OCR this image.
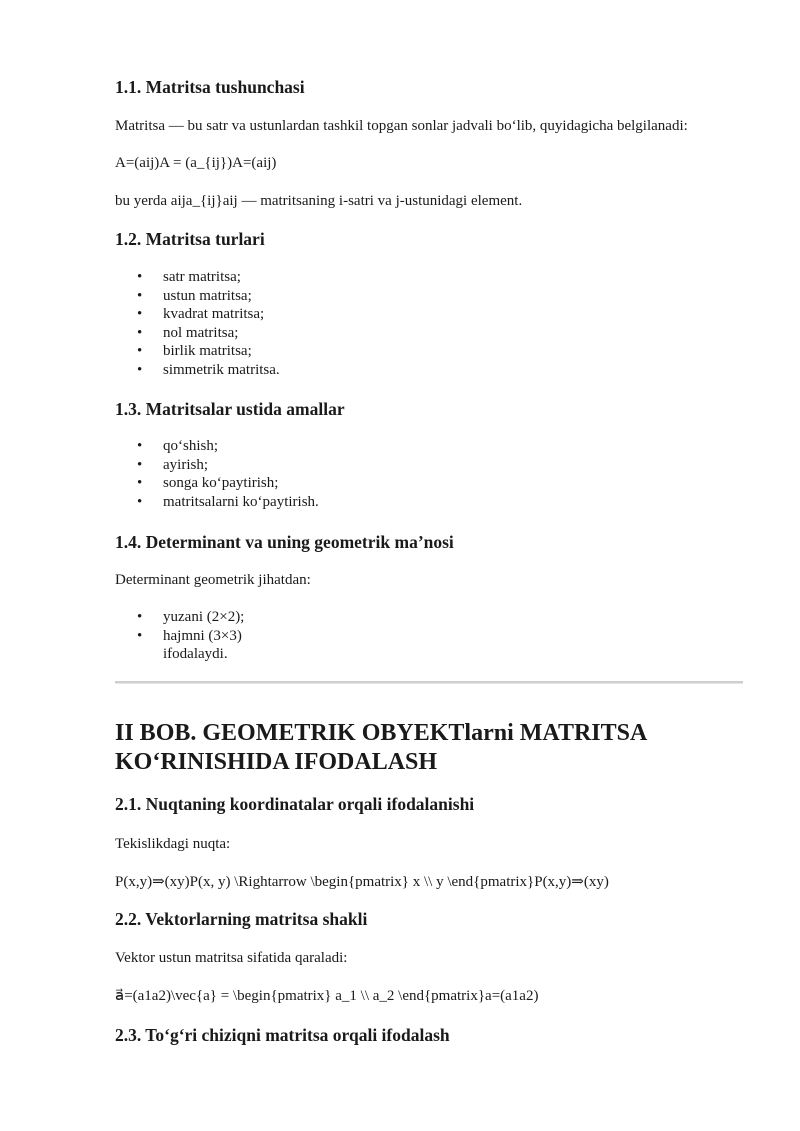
1.1. Matritsa tushunchasi

Matritsa — bu satr va ustunlardan tashkil topgan sonlar jadvali bo‘lib, quyidagicha belgilanadi:

A=(aij)A = (a_{ij})A=(aij)

bu yerda aija_{ij}aij — matritsaning i-satri va j-ustunidagi element.

1.2. Matritsa turlari
• satr matritsa;
• ustun matritsa;
• kvadrat matritsa;
• nol matritsa;
• birlik matritsa;
• simmetrik matritsa.
1.3. Matritsalar ustida amallar
• qo‘shish;
• ayirish;
• songa ko‘paytirish;
• matritsalarni ko‘paytirish.
1.4. Determinant va uning geometrik ma’nosi

Determinant geometrik jihatdan:

• yuzani (2×2);
• hajmni (3×3)
ifodalaydi.
II BOB. GEOMETRIK OBYEKTlarni MATRITSA
KO‘RINISHIDA IFODALASH
2.1. Nuqtaning koordinatalar orqali ifodalanishi

Tekislikdagi nuqta:

P(x,y)⇒(xy)P(x, y) \Rightarrow \begin{pmatrix} x \\ y \end{pmatrix}P(x,y)⇒(xy)

2.2. Vektorlarning matritsa shakli

Vektor ustun matritsa sifatida qaraladi:

a⃗=(a1a2)\vec{a} = \begin{pmatrix} a_1 \\ a_2 \end{pmatrix}a=(a1a2)

2.3. To‘g‘ri chiziqni matritsa orqali ifodalash
